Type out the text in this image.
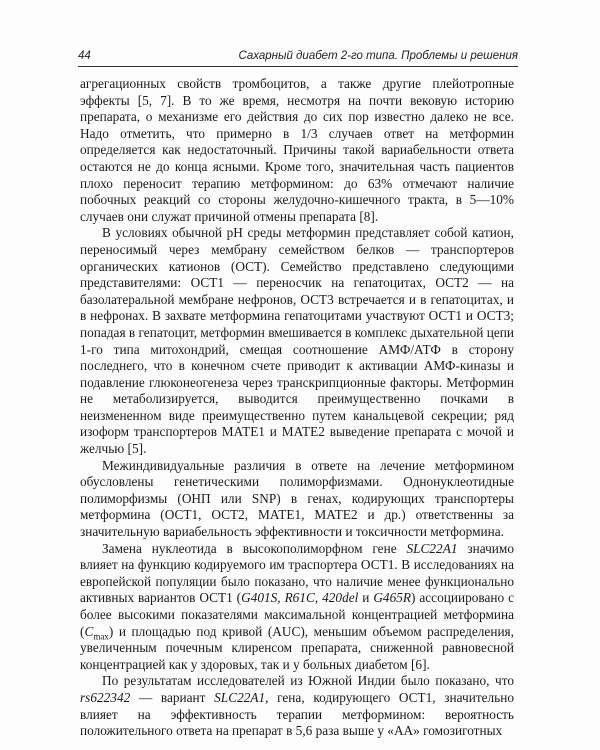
44	Сахарный диабет 2-го типа. Проблемы и решения

агрегационных свойств тромбоцитов, а также другие плейотропные эффекты [5, 7]. В то же время, несмотря на почти вековую историю препарата, о механизме его действия до сих пор известно далеко не все. Надо отметить, что примерно в 1/3 случаев ответ на метформин определяется как недостаточный. Причины такой вариабельности ответа остаются не до конца ясными. Кроме того, значительная часть пациентов плохо переносит терапию метформином: до 63% отмечают наличие побочных реакций со стороны желудочно-кишечного тракта, в 5—10% случаев они служат причиной отмены препарата [8].

В условиях обычной pH среды метформин представляет собой катион, переносимый через мембрану семейством белков — транспортеров органических катионов (ОСТ). Семейство представлено следующими представителями: ОСТ1 — переносчик на гепатоцитах, ОСТ2 — на базолатеральной мембране нефронов, ОСТ3 встречается и в гепатоцитах, и в нефронах. В захвате метформина гепатоцитами участвуют ОСТ1 и ОСТ3; попадая в гепатоцит, метформин вмешивается в комплекс дыхательной цепи 1-го типа митохондрий, смещая соотношение АМФ/АТФ в сторону последнего, что в конечном счете приводит к активации АМФ-киназы и подавление глюконеогенеза через транскрипционные факторы. Метформин не метаболизируется, выводится преимущественно почками в неизмененном виде преимущественно путем канальцевой секреции; ряд изоформ транспортеров МАТЕ1 и МАТЕ2 выведение препарата с мочой и желчью [5].

Межиндивидуальные различия в ответе на лечение метформином обусловлены генетическими полиморфизмами. Однонуклеотидные полиморфизмы (ОНП или SNP) в генах, кодирующих транспортеры метформина (ОСТ1, ОСТ2, МАТЕ1, МАТЕ2 и др.) ответственны за значительную вариабельность эффективности и токсичности метформина.

Замена нуклеотида в высокополиморфном гене SLC22A1 значимо влияет на функцию кодируемого им траспортера ОСТ1. В исследованиях на европейской популяции было показано, что наличие менее функционально активных вариантов ОСТ1 (G401S, R61C, 420del и G465R) ассоциировано с более высокими показателями максимальной концентрацией метформина $(C_{max})$ и площадью под кривой (AUC), меньшим объемом распределения, увеличенным почечным клиренсом препарата, сниженной равновесной концентрацией как у здоровых, так и у больных диабетом [6].

По результатам исследователей из Южной Индии было показано, что rs622342 — вариант SLC22A1, гена, кодирующего ОСТ1, значительно влияет на эффективность терапии метформином: вероятность положительного ответа на препарат в 5,6 раза выше у «АА» гомозиготных
